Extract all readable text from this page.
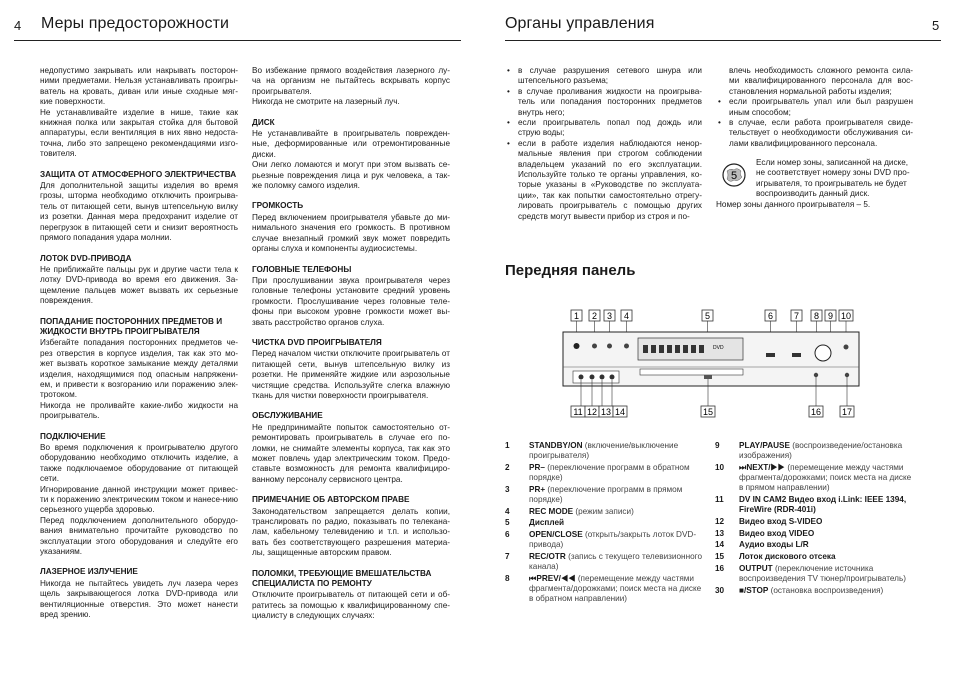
4 Меры предосторожности	Органы управления	5

недопустимо закрывать или накрывать посторон-ними предметами. Нельзя устанавливать проигры-ватель на кровать, диван или иные сходные мяг-кие поверхности.

Не устанавливайте изделие в нише, такие как книжная полка или закрытая стойка для бытовой аппаратуры, если вентиляция в них явно недоста-точна, либо это запрещено рекомендациями изго-товителя.

ЗАЩИТА ОТ АТМОСФЕРНОГО ЭЛЕКТРИЧЕСТВА

Для дополнительной защиты изделия во время грозы, шторма необходимо отключить проигрыва-тель от питающей сети, вынув штепсельную вилку из розетки. Данная мера предохранит изделие от перегрузок в питающей сети и снизит вероятность прямого попадания удара молнии.

ЛОТОК DVD-ПРИВОДА

Не приближайте пальцы рук и другие части тела к лотку DVD-привода во время его движения. За-щемление пальцев может вызвать их серьезные повреждения.

ПОПАДАНИЕ ПОСТОРОННИХ ПРЕДМЕТОВ И ЖИДКОСТИ ВНУТРЬ ПРОИГРЫВАТЕЛЯ

Избегайте попадания посторонних предметов че-рез отверстия в корпусе изделия, так как это мо-жет вызвать короткое замыкание между деталями изделия, находящимися под опасным напряжени-ем, и привести к возгоранию или поражению элек-тротоком.

Никогда не проливайте какие-либо жидкости на проигрыватель.

ПОДКЛЮЧЕНИЕ

Во время подключения к проигрывателю другого оборудованию необходимо отключить изделие, а также подключаемое оборудование от питающей сети.

Игнорирование данной инструкции может привес-ти к поражению электрическим током и нанесе-нию серьезного ущерба здоровью.

Перед подключением дополнительного оборудо-вания внимательно прочитайте руководство по эксплуатации этого оборудования и следуйте его указаниям.

ЛАЗЕРНОЕ ИЗЛУЧЕНИЕ

Никогда не пытайтесь увидеть луч лазера через щель закрывающегося лотка DVD-привода или вентиляционные отверстия. Это может нанести вред зрению.

Во избежание прямого воздействия лазерного лу-ча на организм не пытайтесь вскрывать корпус проигрывателя.

Никогда не смотрите на лазерный луч.

ДИСК

Не устанавливайте в проигрыватель поврежден-ные, деформированные или отремонтированные диски.

Они легко ломаются и могут при этом вызвать се-рьезные повреждения лица и рук человека, а так-же поломку самого изделия.

ГРОМКОСТЬ

Перед включением проигрывателя убавьте до ми-нимального значения его громкость. В противном случае внезапный громкий звук может повредить органы слуха и компоненты аудиосистемы.

ГОЛОВНЫЕ ТЕЛЕФОНЫ

При прослушивании звука проигрывателя через головные телефоны установите средний уровень громкости. Прослушивание через головные теле-фоны при высоком уровне громкости может вы-звать расстройство органов слуха.

ЧИСТКА DVD ПРОИГРЫВАТЕЛЯ

Перед началом чистки отключите проигрыватель от питающей сети, вынув штепсельную вилку из розетки. Не применяйте жидкие или аэрозольные чистящие средства. Используйте слегка влажную ткань для чистки поверхности проигрывателя.

ОБСЛУЖИВАНИЕ

Не предпринимайте попыток самостоятельно от-ремонтировать проигрыватель в случае его по-ломки, не снимайте элементы корпуса, так как это может повлечь удар электрическим током. Предо-ставьте возможность для ремонта квалифициро-ванному персоналу сервисного центра.

ПРИМЕЧАНИЕ ОБ АВТОРСКОМ ПРАВЕ

Законодательством запрещается делать копии, транслировать по радио, показывать по телекана-лам, кабельному телевидению и т.п. и использо-вать без соответствующего разрешения материа-лы, защищенные авторским правом.

ПОЛОМКИ, ТРЕБУЮЩИЕ ВМЕШАТЕЛЬСТВА СПЕЦИАЛИСТА ПО РЕМОНТУ

Отключите проигрыватель от питающей сети и об-ратитесь за помощью к квалифицированному спе-циалисту в следующих случаях:

• в случае разрушения сетевого шнура или штепсельного разъема;

• в случае проливания жидкости на проигрыва-тель или попадания посторонних предметов внутрь него;

• если проигрыватель попал под дождь или струю воды;

• если в работе изделия наблюдаются ненор-мальные явления при строгом соблюдении владельцем указаний по его эксплуатации. Используйте только те органы управления, ко-торые указаны в «Руководстве по эксплуата-ции», так как попытки самостоятельно отрегу-лировать проигрыватель с помощью других средств могут вывести прибор из строя и по-

влечь необходимость сложного ремонта сила-ми квалифицированного персонала для вос-становления нормальной работы изделия;

• если проигрыватель упал или был разрушен иным способом;

• в случае, если работа проигрывателя свиде-тельствует о необходимости обслуживания си-лами квалифицированного персонала.

5
Если номер зоны, записанной на диске, не соответствует номеру зоны DVD про-игрывателя, то проигрыватель не будет воспроизводить данный диск.
Номер зоны данного проигрывателя – 5.
Передняя панель
1 2 3 4	5	6 7 8 9 10
DVD
11 12 13 14	15	16 17
1 STANDBY/ON (включение/выключение проигрывателя)
2 PR– (переключение программ в обратном порядке)
3 PR+ (переключение программ в прямом порядке)
4 REC MODE (режим записи)
5 Дисплей
6 OPEN/CLOSE (открыть/закрыть лоток DVD-привода)
7 REC/OTR (запись с текущего телевизионного канала)
8 ⏮PREV/◀◀ (перемещение между частями фрагмента/дорожками; поиск места на диске в обратном направлении)
9 PLAY/PAUSE (воспроизведение/остановка изображения)
10 ⏭NEXT/▶▶ (перемещение между частями фрагмента/дорожками; поиск места на диске в прямом направлении)
11 DV IN CAM2 Видео вход i.Link: IEEE 1394, FireWire (RDR-401i)
12 Видео вход S-VIDEO
13 Видео вход VIDEO
14 Аудио входы L/R
15 Лоток дискового отсека
16 OUTPUT (переключение источника воспроизведения TV тюнер/проигрыватель)
30 ■/STOP (остановка воспроизведения)
